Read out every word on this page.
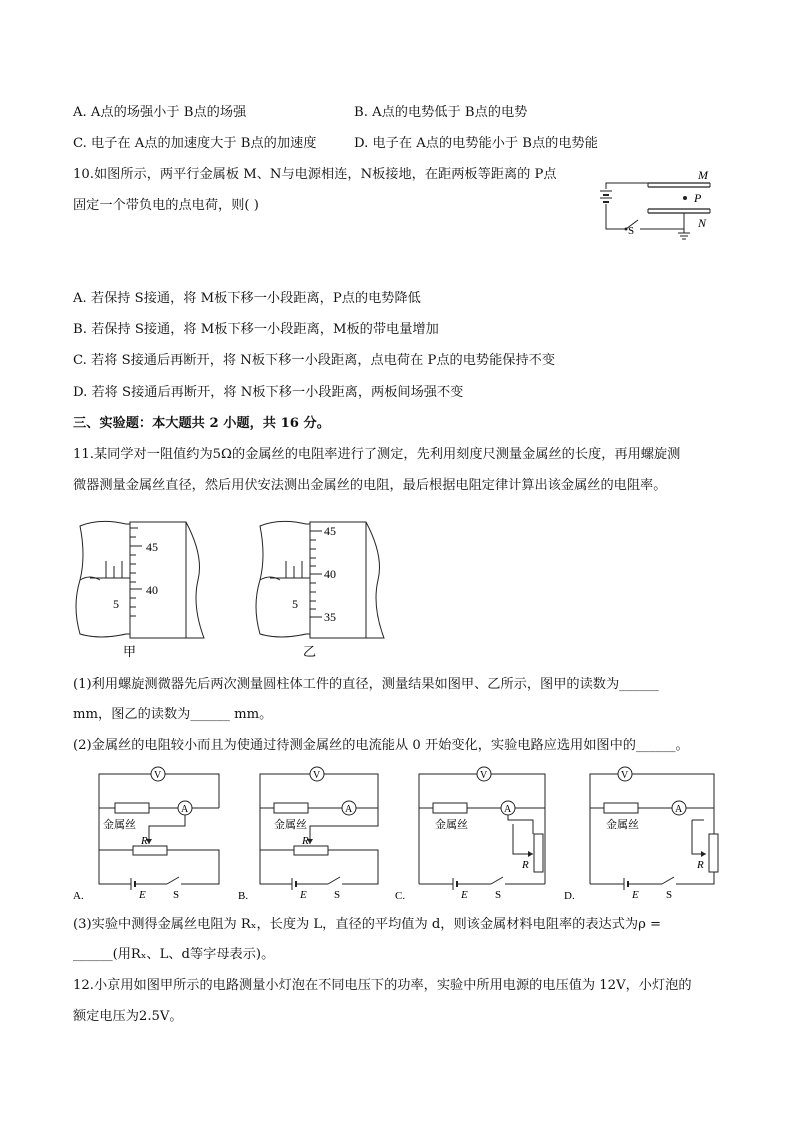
A. A点的场强小于 B点的场强	B. A点的电势低于 B点的电势
C. 电子在 A点的加速度大于 B点的加速度	D. 电子在 A点的电势能小于 B点的电势能
10.如图所示，两平行金属板 M、N与电源相连，N板接地，在距两板等距离的 P点
固定一个带负电的点电荷，则( )	P
M
N
S
A. 若保持 S接通，将 M板下移一小段距离，P点的电势降低
B. 若保持 S接通，将 M板下移一小段距离，M板的带电量增加
C. 若将 S接通后再断开，将 N板下移一小段距离，点电荷在 P点的电势能保持不变
D. 若将 S接通后再断开，将 N板下移一小段距离，两板间场强不变
三、实验题：本大题共 2 小题，共 16 分。
11.某同学对一阻值约为5Ω的金属丝的电阻率进行了测定，先利用刻度尺测量金属丝的长度，再用螺旋测
微器测量金属丝直径，然后用伏安法测出金属丝的电阻，最后根据电阻定律计算出该金属丝的电阻率。
5
45
40
甲
5
45
40
35
乙
(1)利用螺旋测微器先后两次测量圆柱体工件的直径，测量结果如图甲、乙所示，图甲的读数为______
mm，图乙的读数为______ mm。
(2)金属丝的电阻较小而且为使通过待测金属丝的电流能从 0 开始变化，实验电路应选用如图中的______。
V
A
金属丝
R
E S
A.
V
A
金属丝
R
E S
B.
V
A
金属丝
R
E S
C.
V
A
金属丝
R
E S
D.
(3)实验中测得金属丝电阻为 Rₓ，长度为 L，直径的平均值为 d，则该金属材料电阻率的表达式为ρ =
______(用Rₓ、L、d等字母表示)。
12.小京用如图甲所示的电路测量小灯泡在不同电压下的功率，实验中所用电源的电压值为 12V，小灯泡的
额定电压为2.5V。
